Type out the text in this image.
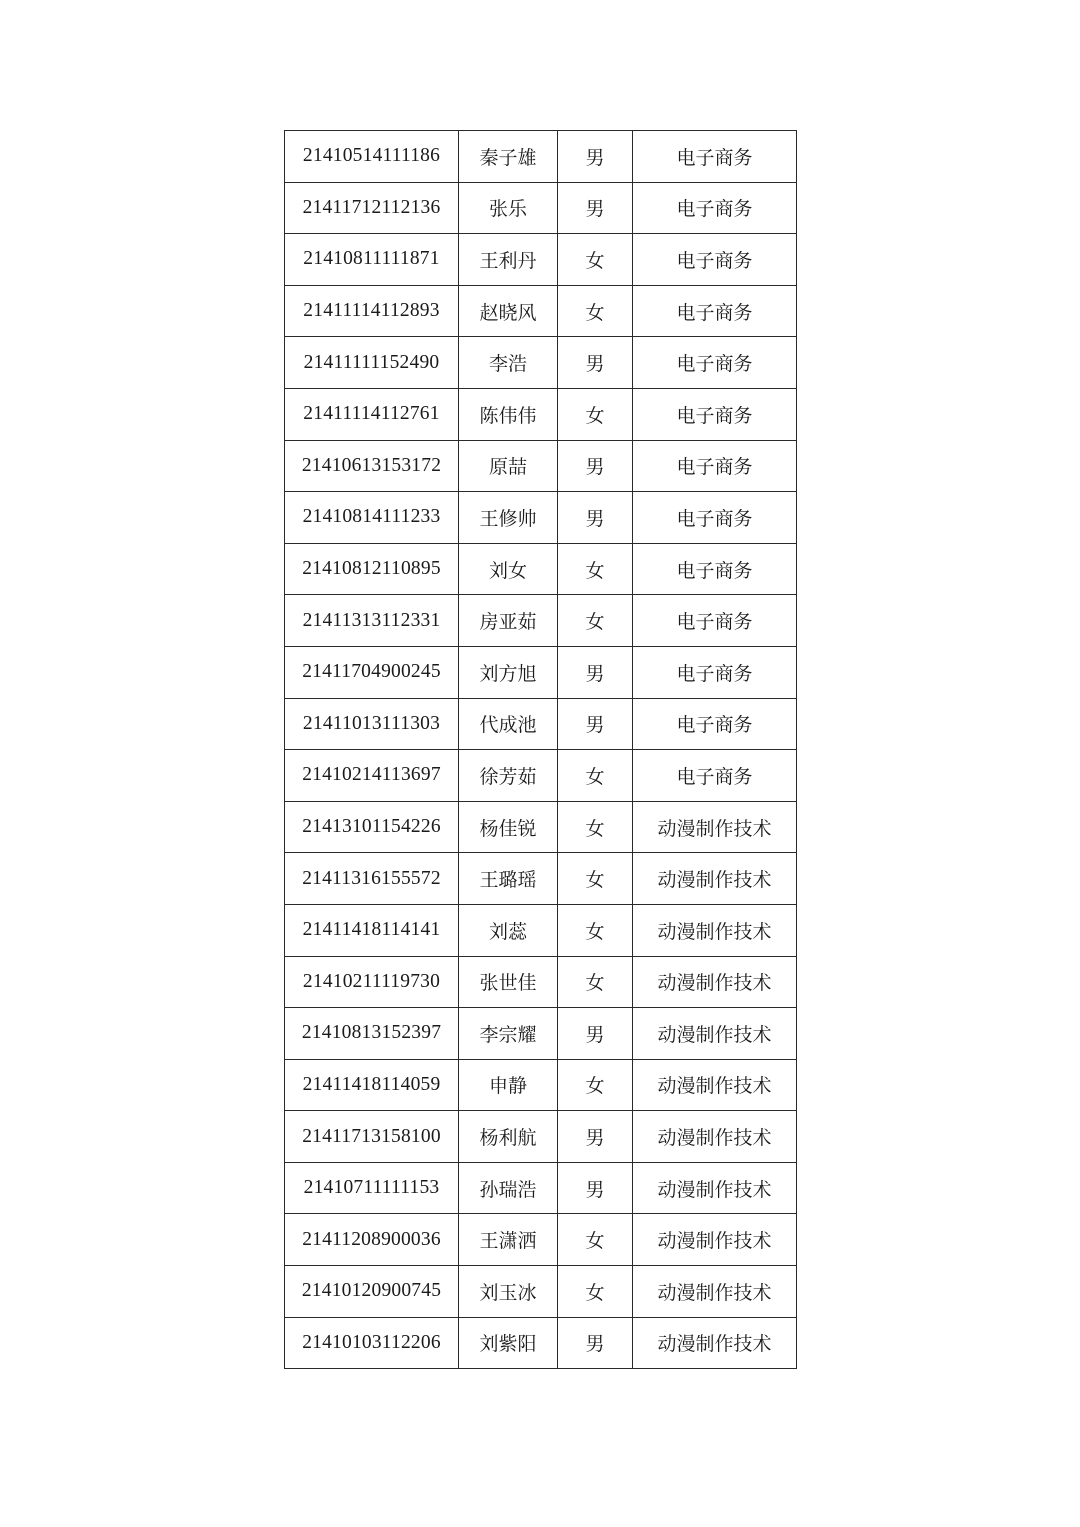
21410514111186	秦子雄	男	电子商务
21411712112136	张乐	男	电子商务
21410811111871	王利丹	女	电子商务
21411114112893	赵晓风	女	电子商务
21411111152490	李浩	男	电子商务
21411114112761	陈伟伟	女	电子商务
21410613153172	原喆	男	电子商务
21410814111233	王修帅	男	电子商务
21410812110895	刘女	女	电子商务
21411313112331	房亚茹	女	电子商务
21411704900245	刘方旭	男	电子商务
21411013111303	代成池	男	电子商务
21410214113697	徐芳茹	女	电子商务
21413101154226	杨佳锐	女	动漫制作技术
21411316155572	王璐瑶	女	动漫制作技术
21411418114141	刘蕊	女	动漫制作技术
21410211119730	张世佳	女	动漫制作技术
21410813152397	李宗耀	男	动漫制作技术
21411418114059	申静	女	动漫制作技术
21411713158100	杨利航	男	动漫制作技术
21410711111153	孙瑞浩	男	动漫制作技术
21411208900036	王潇洒	女	动漫制作技术
21410120900745	刘玉冰	女	动漫制作技术
21410103112206	刘紫阳	男	动漫制作技术
